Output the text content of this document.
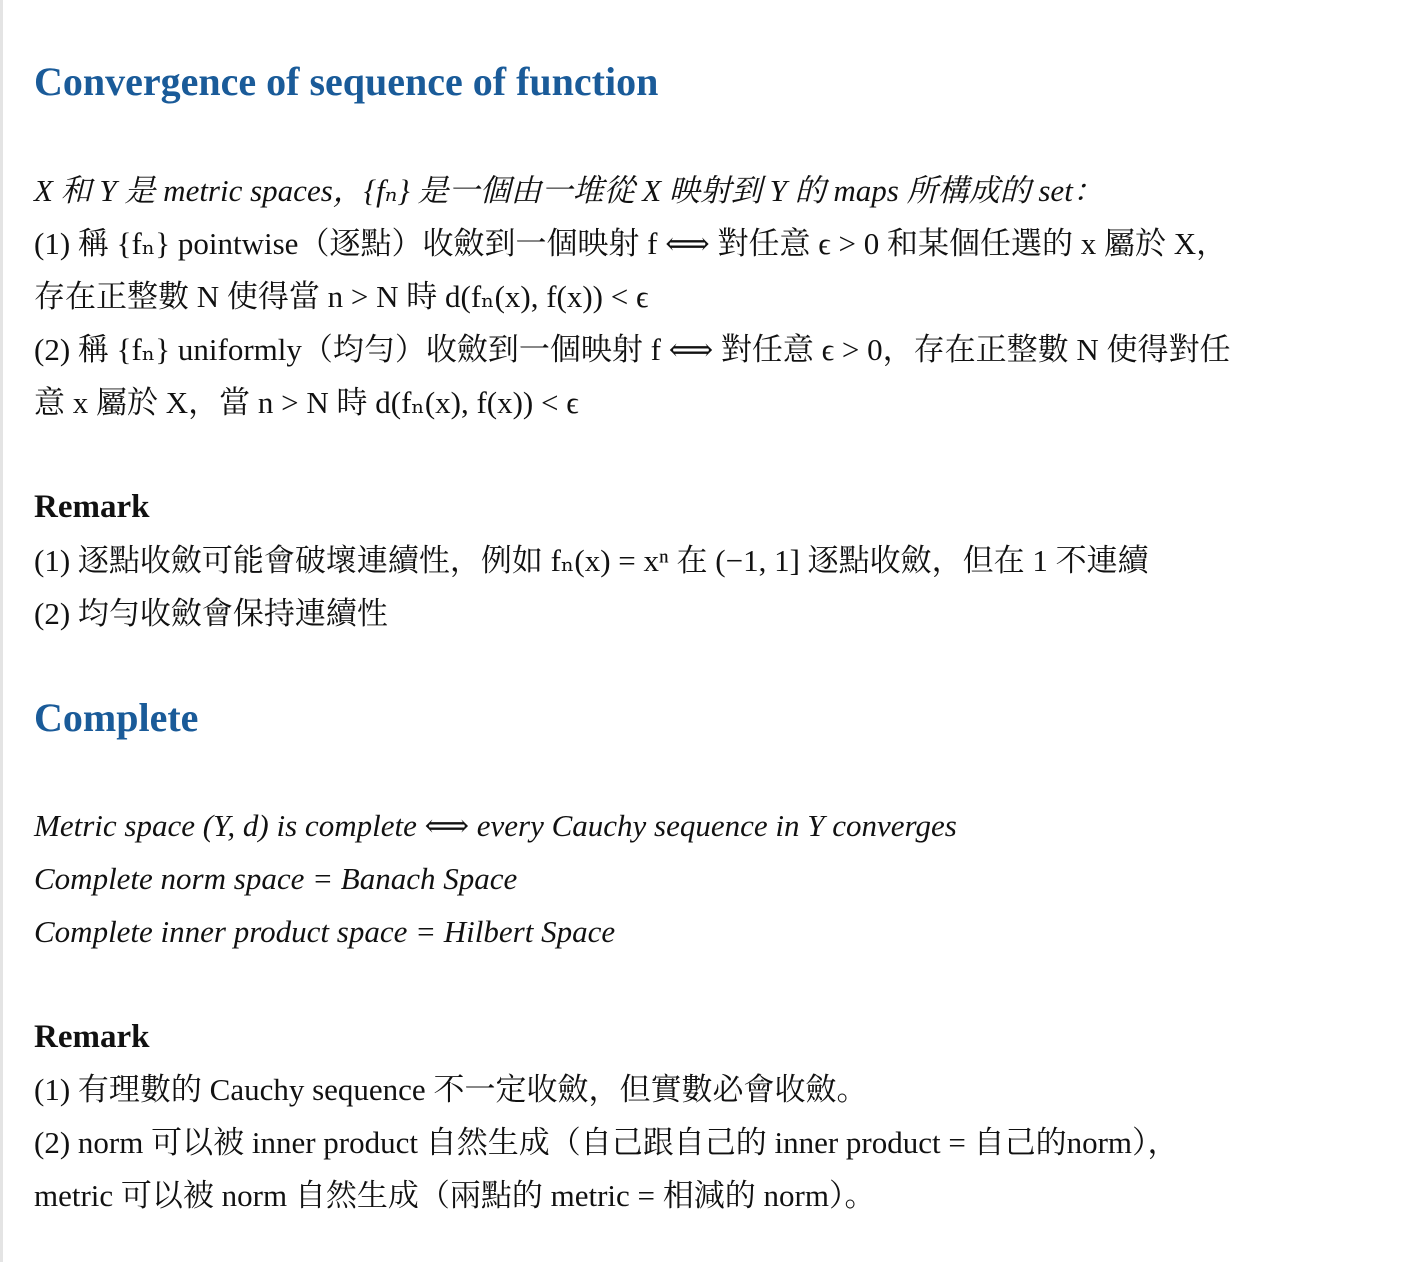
Convergence of sequence of function
X 和 Y 是 metric spaces，{fₙ} 是一個由一堆從 X 映射到 Y 的 maps 所構成的 set：
(1) 稱 {fₙ} pointwise（逐點）收斂到一個映射 f ⟺ 對任意 ϵ > 0 和某個任選的 x 屬於 X，
存在正整數 N 使得當 n > N 時 d(fₙ(x), f(x)) < ϵ
(2) 稱 {fₙ} uniformly（均勻）收斂到一個映射 f ⟺ 對任意 ϵ > 0，存在正整數 N 使得對任
意 x 屬於 X，當 n > N 時 d(fₙ(x), f(x)) < ϵ
Remark
(1) 逐點收斂可能會破壞連續性，例如 fₙ(x) = xⁿ 在 (−1, 1] 逐點收斂，但在 1 不連續
(2) 均勻收斂會保持連續性
Complete
Metric space (Y, d) is complete ⟺ every Cauchy sequence in Y converges
Complete norm space = Banach Space
Complete inner product space = Hilbert Space
Remark
(1) 有理數的 Cauchy sequence 不一定收斂，但實數必會收斂。
(2) norm 可以被 inner product 自然生成（自己跟自己的 inner product = 自己的norm），
metric 可以被 norm 自然生成（兩點的 metric = 相減的 norm）。
